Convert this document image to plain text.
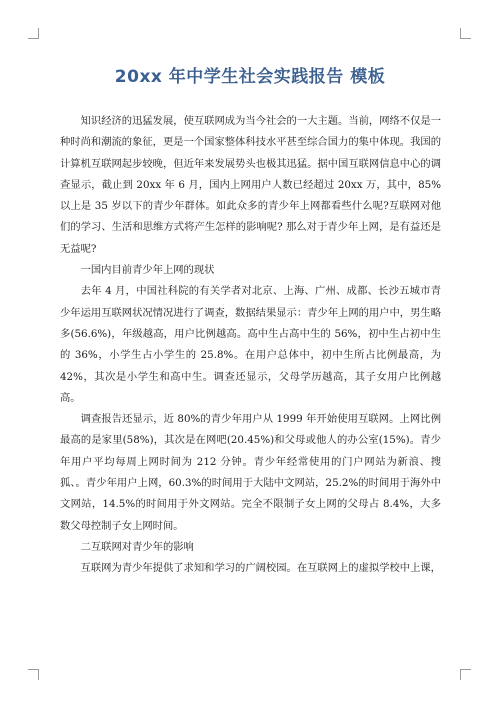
20xx 年中学生社会实践报告 模板

知识经济的迅猛发展，使互联网成为当今社会的一大主题。当前，网络不仅是一种时尚和潮流的象征，更是一个国家整体科技水平甚至综合国力的集中体现。我国的计算机互联网起步较晚，但近年来发展势头也极其迅猛。据中国互联网信息中心的调查显示，截止到 20xx 年 6 月，国内上网用户人数已经超过 20xx 万，其中，85%以上是 35 岁以下的青少年群体。如此众多的青少年上网都看些什么呢?互联网对他们的学习、生活和思维方式将产生怎样的影响呢? 那么对于青少年上网，是有益还是无益呢?

一国内目前青少年上网的现状

去年 4 月，中国社科院的有关学者对北京、上海、广州、成都、长沙五城市青少年运用互联网状况情况进行了调查，数据结果显示：青少年上网的用户中，男生略多(56.6%)，年级越高，用户比例越高。高中生占高中生的 56%，初中生占初中生的 36%，小学生占小学生的 25.8%。在用户总体中，初中生所占比例最高，为 42%，其次是小学生和高中生。调查还显示，父母学历越高，其子女用户比例越高。

调查报告还显示，近 80%的青少年用户从 1999 年开始使用互联网。上网比例最高的是家里(58%)，其次是在网吧(20.45%)和父母或他人的办公室(15%)。青少年用户平均每周上网时间为 212 分钟。青少年经常使用的门户网站为新浪、搜狐、。青少年用户上网，60.3%的时间用于大陆中文网站，25.2%的时间用于海外中文网站，14.5%的时间用于外文网站。完全不限制子女上网的父母占 8.4%，大多数父母控制子女上网时间。

二互联网对青少年的影响

互联网为青少年提供了求知和学习的广阔校园。在互联网上的虚拟学校中上课，
